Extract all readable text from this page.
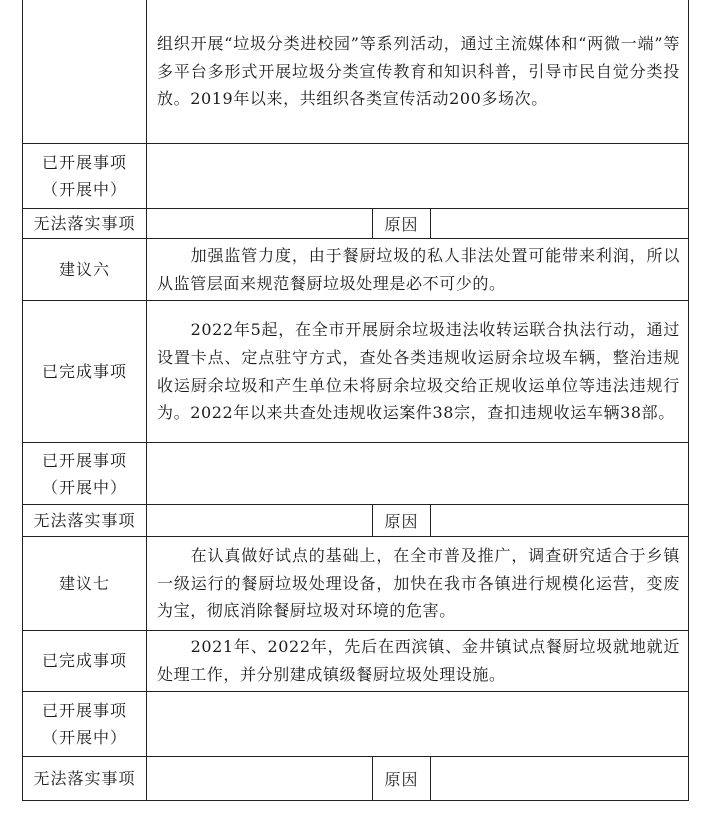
	组织开展“垃圾分类进校园”等系列活动，通过主流媒体和“两微一端”等多平台多形式开展垃圾分类宣传教育和知识科普，引导市民自觉分类投放。2019年以来，共组织各类宣传活动200多场次。		

已开展事项
（开展中）			

无法落实事项		原因	
建议六	加强监管力度，由于餐厨垃圾的私人非法处置可能带来利润，所以从监管层面来规范餐厨垃圾处理是必不可少的。		
已完成事项	2022年5起，在全市开展厨余垃圾违法收转运联合执法行动，通过设置卡点、定点驻守方式，查处各类违规收运厨余垃圾车辆，整治违规收运厨余垃圾和产生单位未将厨余垃圾交给正规收运单位等违法违规行为。2022年以来共查处违规收运案件38宗，查扣违规收运车辆38部。		

已开展事项
（开展中）			

无法落实事项		原因	
建议七	在认真做好试点的基础上，在全市普及推广，调查研究适合于乡镇一级运行的餐厨垃圾处理设备，加快在我市各镇进行规模化运营，变废为宝，彻底消除餐厨垃圾对环境的危害。		
已完成事项	2021年、2022年，先后在西滨镇、金井镇试点餐厨垃圾就地就近处理工作，并分别建成镇级餐厨垃圾处理设施。		

已开展事项
（开展中）			

无法落实事项		原因	
